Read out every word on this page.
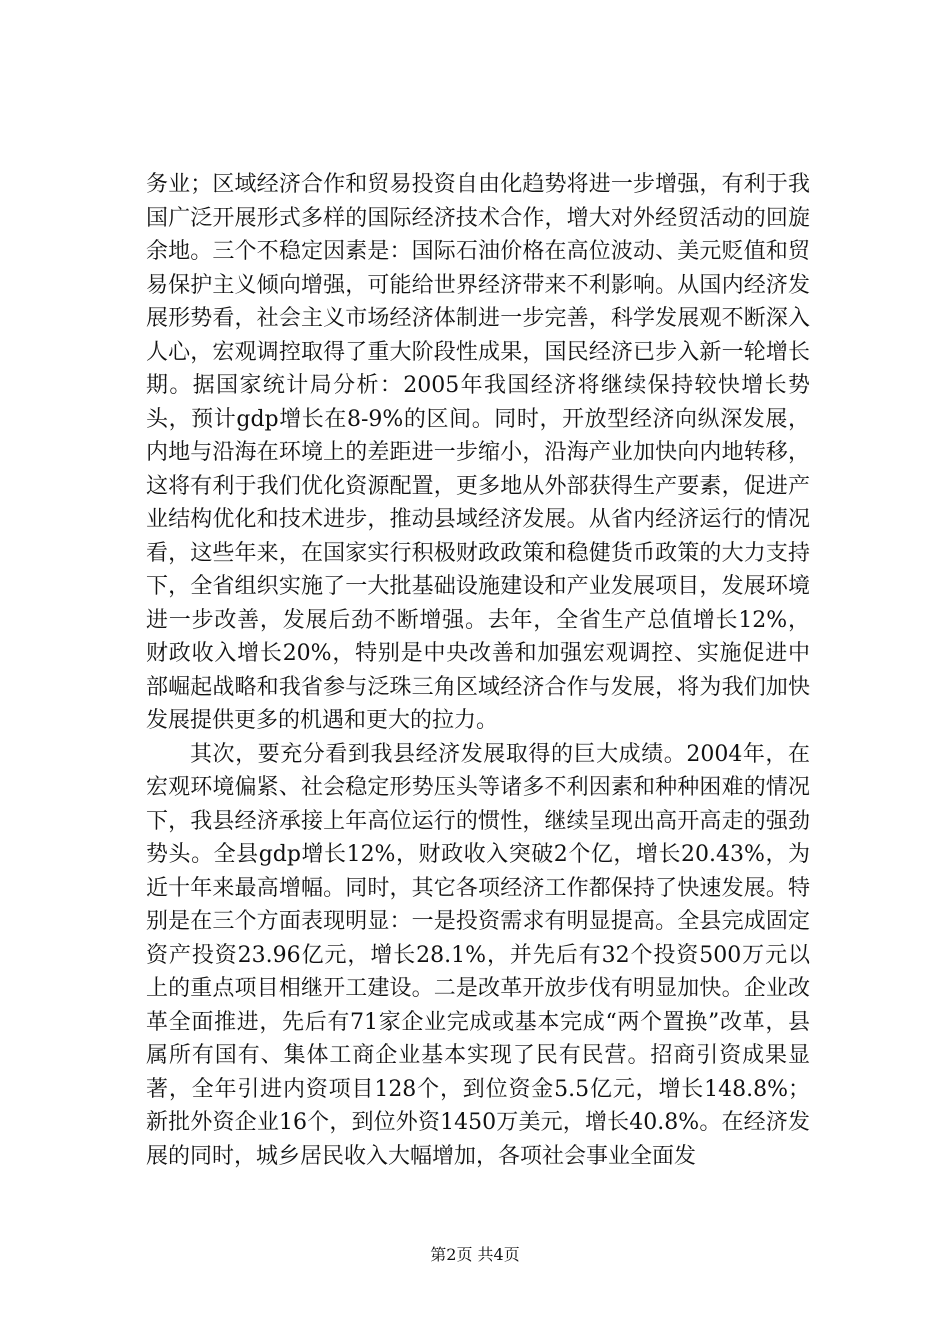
务业；区域经济合作和贸易投资自由化趋势将进一步增强，有利于我国广泛开展形式多样的国际经济技术合作，增大对外经贸活动的回旋余地。三个不稳定因素是：国际石油价格在高位波动、美元贬值和贸易保护主义倾向增强，可能给世界经济带来不利影响。从国内经济发展形势看，社会主义市场经济体制进一步完善，科学发展观不断深入人心，宏观调控取得了重大阶段性成果，国民经济已步入新一轮增长期。据国家统计局分析：2005年我国经济将继续保持较快增长势头，预计gdp增长在8-9%的区间。同时，开放型经济向纵深发展，内地与沿海在环境上的差距进一步缩小，沿海产业加快向内地转移，这将有利于我们优化资源配置，更多地从外部获得生产要素，促进产业结构优化和技术进步，推动县域经济发展。从省内经济运行的情况看，这些年来，在国家实行积极财政政策和稳健货币政策的大力支持下，全省组织实施了一大批基础设施建设和产业发展项目，发展环境进一步改善，发展后劲不断增强。去年，全省生产总值增长12%，财政收入增长20%，特别是中央改善和加强宏观调控、实施促进中部崛起战略和我省参与泛珠三角区域经济合作与发展，将为我们加快发展提供更多的机遇和更大的拉力。

其次，要充分看到我县经济发展取得的巨大成绩。2004年，在宏观环境偏紧、社会稳定形势压头等诸多不利因素和种种困难的情况下，我县经济承接上年高位运行的惯性，继续呈现出高开高走的强劲势头。全县gdp增长12%，财政收入突破2个亿，增长20.43%，为近十年来最高增幅。同时，其它各项经济工作都保持了快速发展。特别是在三个方面表现明显：一是投资需求有明显提高。全县完成固定资产投资23.96亿元，增长28.1%，并先后有32个投资500万元以上的重点项目相继开工建设。二是改革开放步伐有明显加快。企业改革全面推进，先后有71家企业完成或基本完成“两个置换”改革，县属所有国有、集体工商企业基本实现了民有民营。招商引资成果显著，全年引进内资项目128个，到位资金5.5亿元，增长148.8%；新批外资企业16个，到位外资1450万美元，增长40.8%。在经济发展的同时，城乡居民收入大幅增加，各项社会事业全面发

第2页 共4页
